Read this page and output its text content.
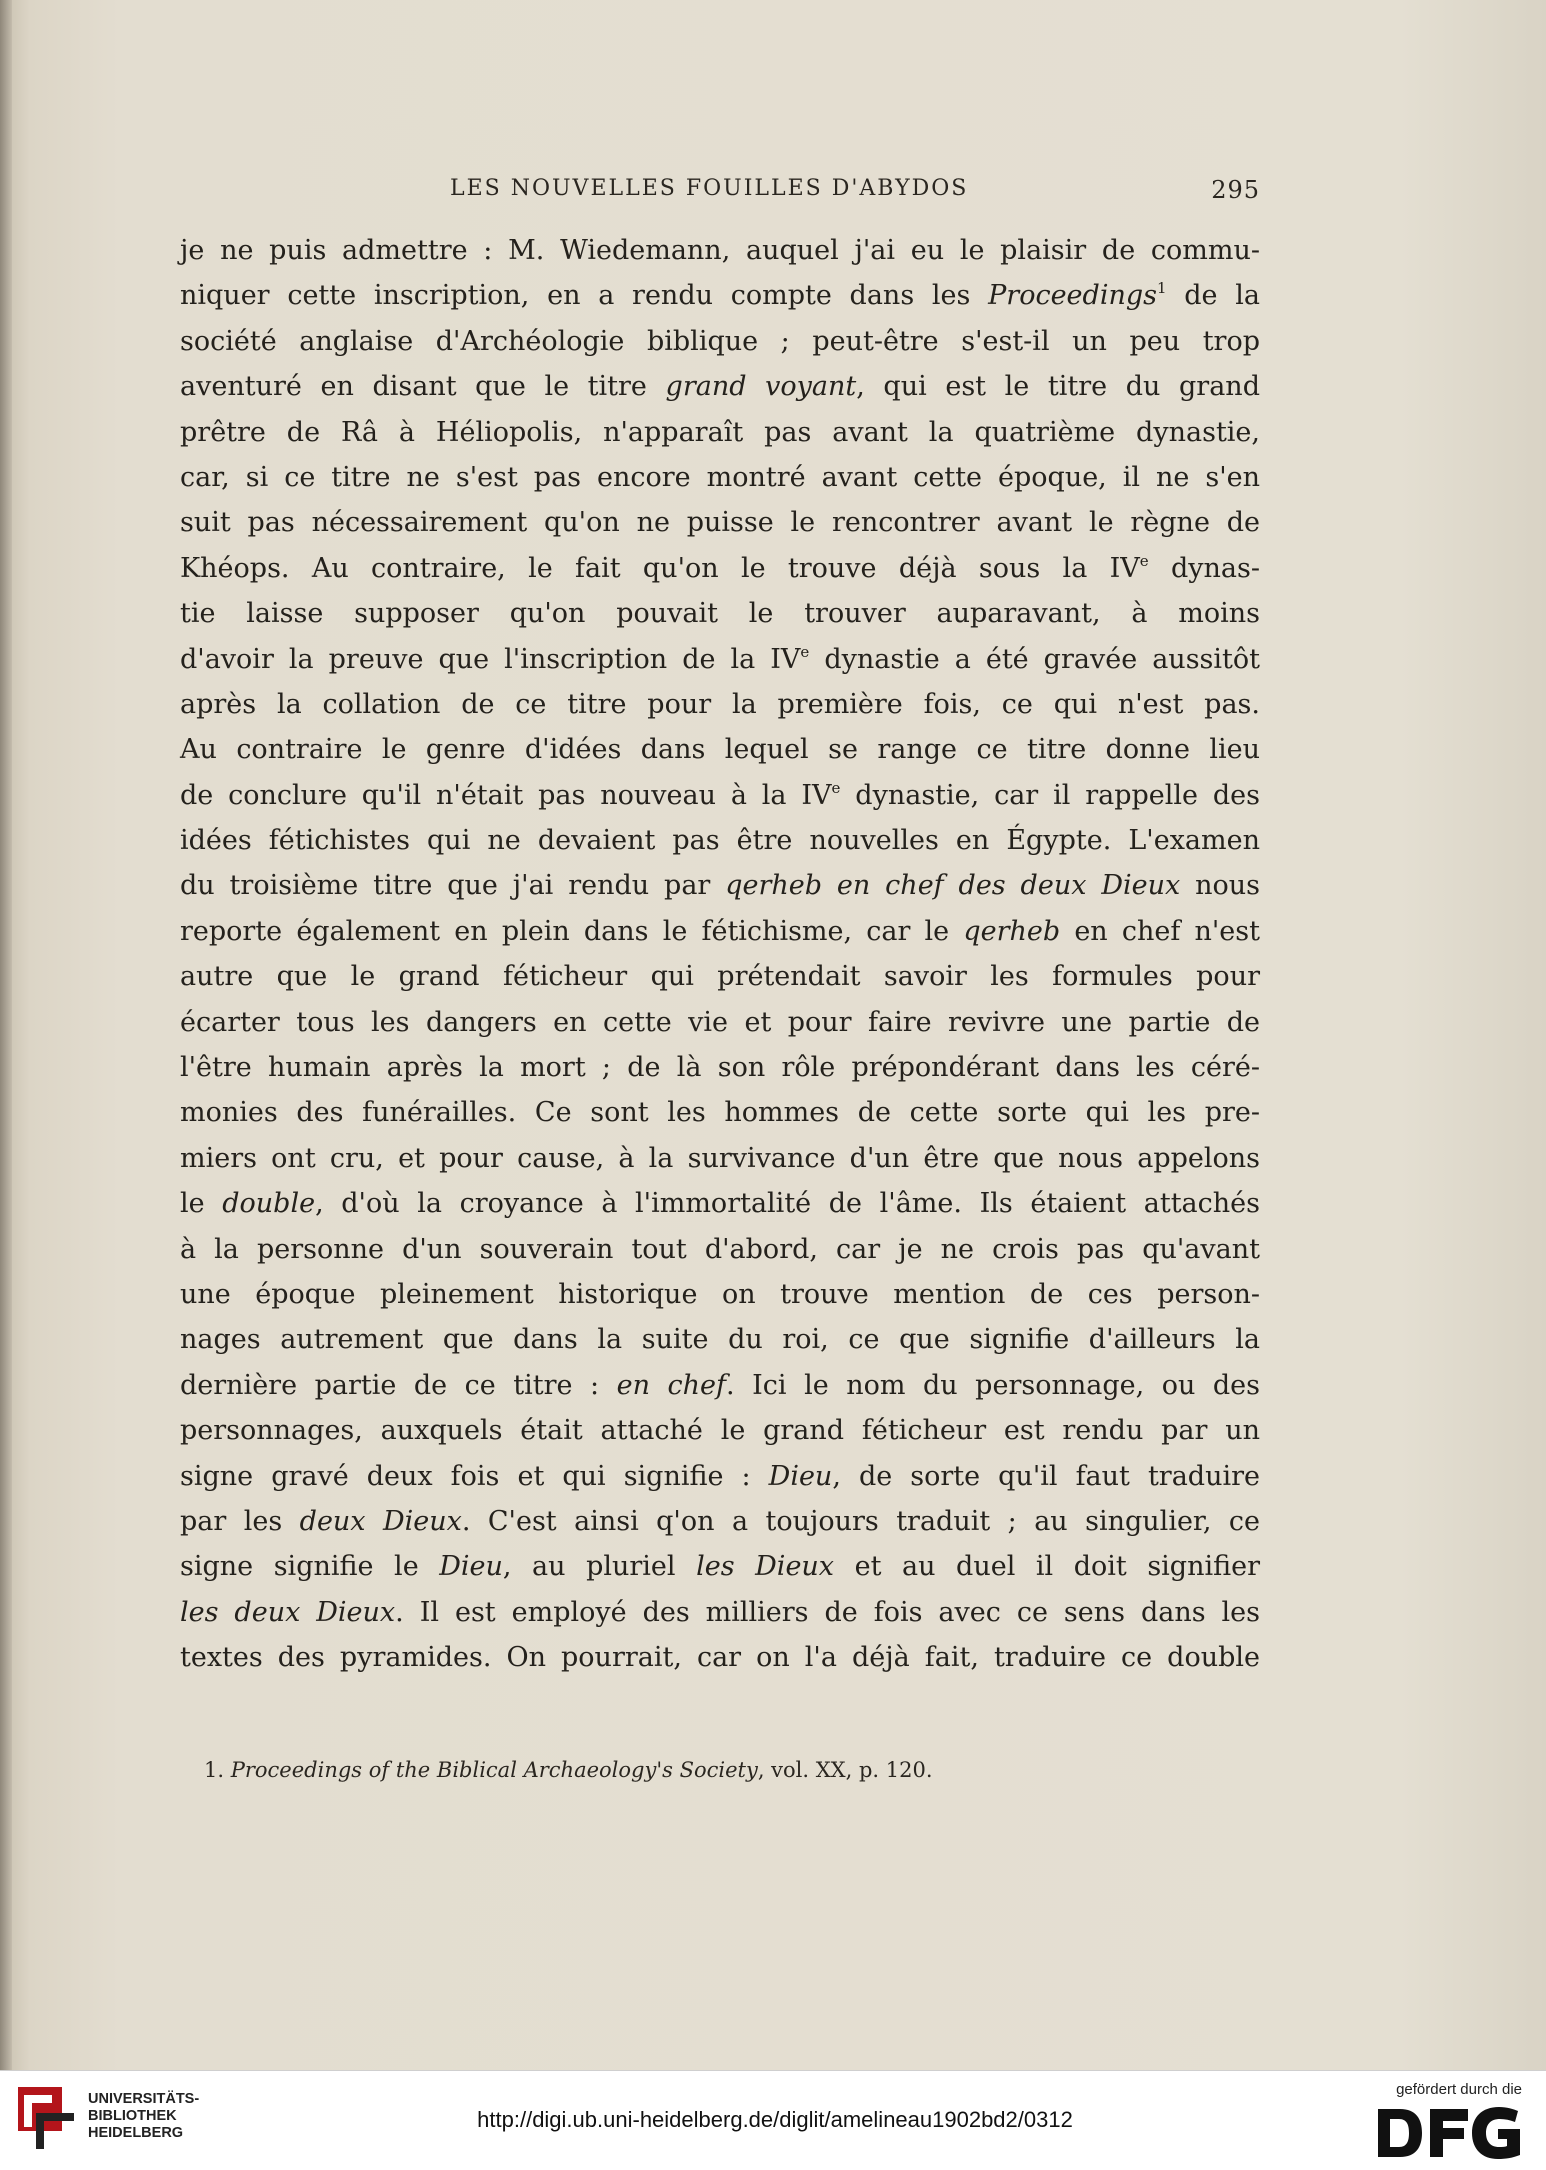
LES NOUVELLES FOUILLES D'ABYDOS	295
je ne puis admettre : M. Wiedemann, auquel j'ai eu le plaisir de commu-
niquer cette inscription, en a rendu compte dans les Proceedings$^1$ de la
société anglaise d'Archéologie biblique ; peut-être s'est-il un peu trop
aventuré en disant que le titre grand voyant, qui est le titre du grand
prêtre de Râ à Héliopolis, n'apparaît pas avant la quatrième dynastie,
car, si ce titre ne s'est pas encore montré avant cette époque, il ne s'en
suit pas nécessairement qu'on ne puisse le rencontrer avant le règne de
Khéops. Au contraire, le fait qu'on le trouve déjà sous la IVe dynas-
tie laisse supposer qu'on pouvait le trouver auparavant, à moins
d'avoir la preuve que l'inscription de la IVe dynastie a été gravée aussitôt
après la collation de ce titre pour la première fois, ce qui n'est pas.
Au contraire le genre d'idées dans lequel se range ce titre donne lieu
de conclure qu'il n'était pas nouveau à la IVe dynastie, car il rappelle des
idées fétichistes qui ne devaient pas être nouvelles en Égypte. L'examen
du troisième titre que j'ai rendu par qerheb en chef des deux Dieux nous
reporte également en plein dans le fétichisme, car le qerheb en chef n'est
autre que le grand féticheur qui prétendait savoir les formules pour
écarter tous les dangers en cette vie et pour faire revivre une partie de
l'être humain après la mort ; de là son rôle prépondérant dans les céré-
monies des funérailles. Ce sont les hommes de cette sorte qui les pre-
miers ont cru, et pour cause, à la survivance d'un être que nous appelons
le double, d'où la croyance à l'immortalité de l'âme. Ils étaient attachés
à la personne d'un souverain tout d'abord, car je ne crois pas qu'avant
une époque pleinement historique on trouve mention de ces person-
nages autrement que dans la suite du roi, ce que signifie d'ailleurs la
dernière partie de ce titre : en chef. Ici le nom du personnage, ou des
personnages, auxquels était attaché le grand féticheur est rendu par un
signe gravé deux fois et qui signifie : Dieu, de sorte qu'il faut traduire
par les deux Dieux. C'est ainsi q'on a toujours traduit ; au singulier, ce
signe signifie le Dieu, au pluriel les Dieux et au duel il doit signifier
les deux Dieux. Il est employé des milliers de fois avec ce sens dans les
textes des pyramides. On pourrait, car on l'a déjà fait, traduire ce double
1. Proceedings of the Biblical Archaeology's Society, vol. XX, p. 120.
UNIVERSITÄTS-
BIBLIOTHEK
HEIDELBERG
http://digi.ub.uni-heidelberg.de/diglit/amelineau1902bd2/0312
gefördert durch die
